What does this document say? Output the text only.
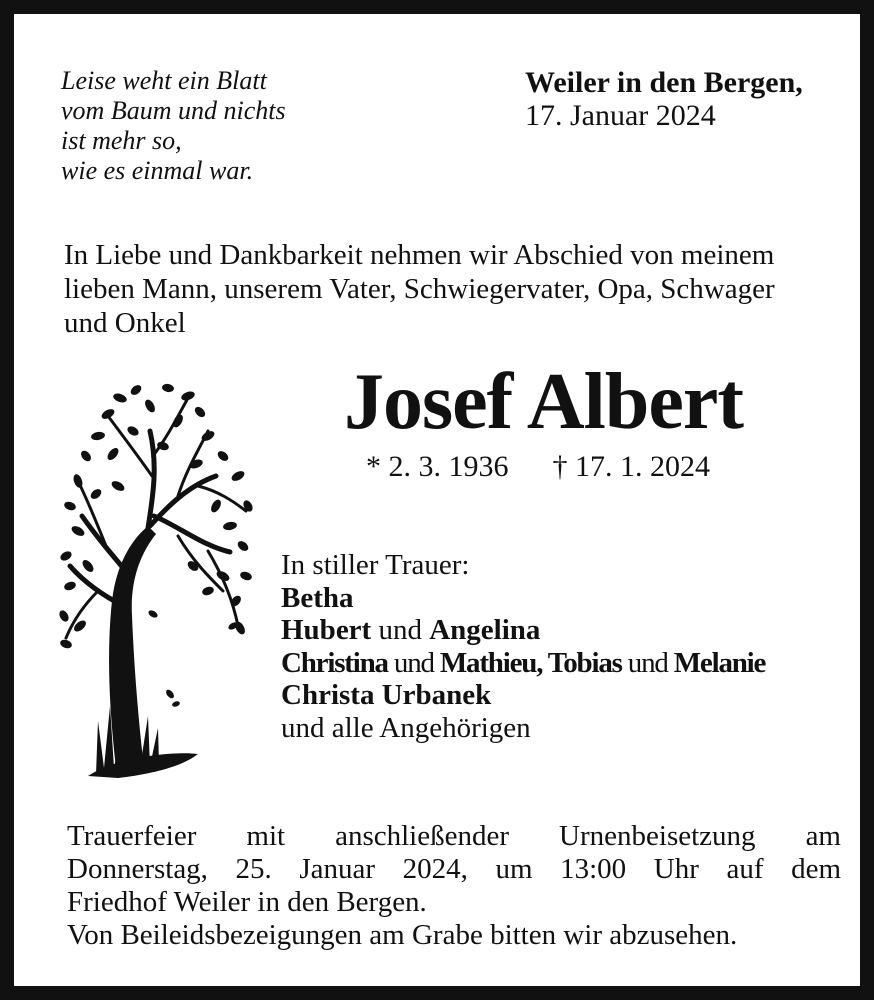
Leise weht ein Blatt
vom Baum und nichts
ist mehr so,
wie es einmal war.
Weiler in den Bergen,
17. Januar 2024
In Liebe und Dankbarkeit nehmen wir Abschied von meinem
lieben Mann, unserem Vater, Schwiegervater, Opa, Schwager
und Onkel
Josef Albert
* 2. 3. 1936 † 17. 1. 2024
In stiller Trauer:
Betha
Hubert und Angelina
Christina und Mathieu, Tobias und Melanie
Christa Urbanek
und alle Angehörigen
Trauerfeier mit anschließender Urnenbeisetzung am
Donnerstag, 25. Januar 2024, um 13:00 Uhr auf dem
Friedhof Weiler in den Bergen.
Von Beileidsbezeigungen am Grabe bitten wir abzusehen.
